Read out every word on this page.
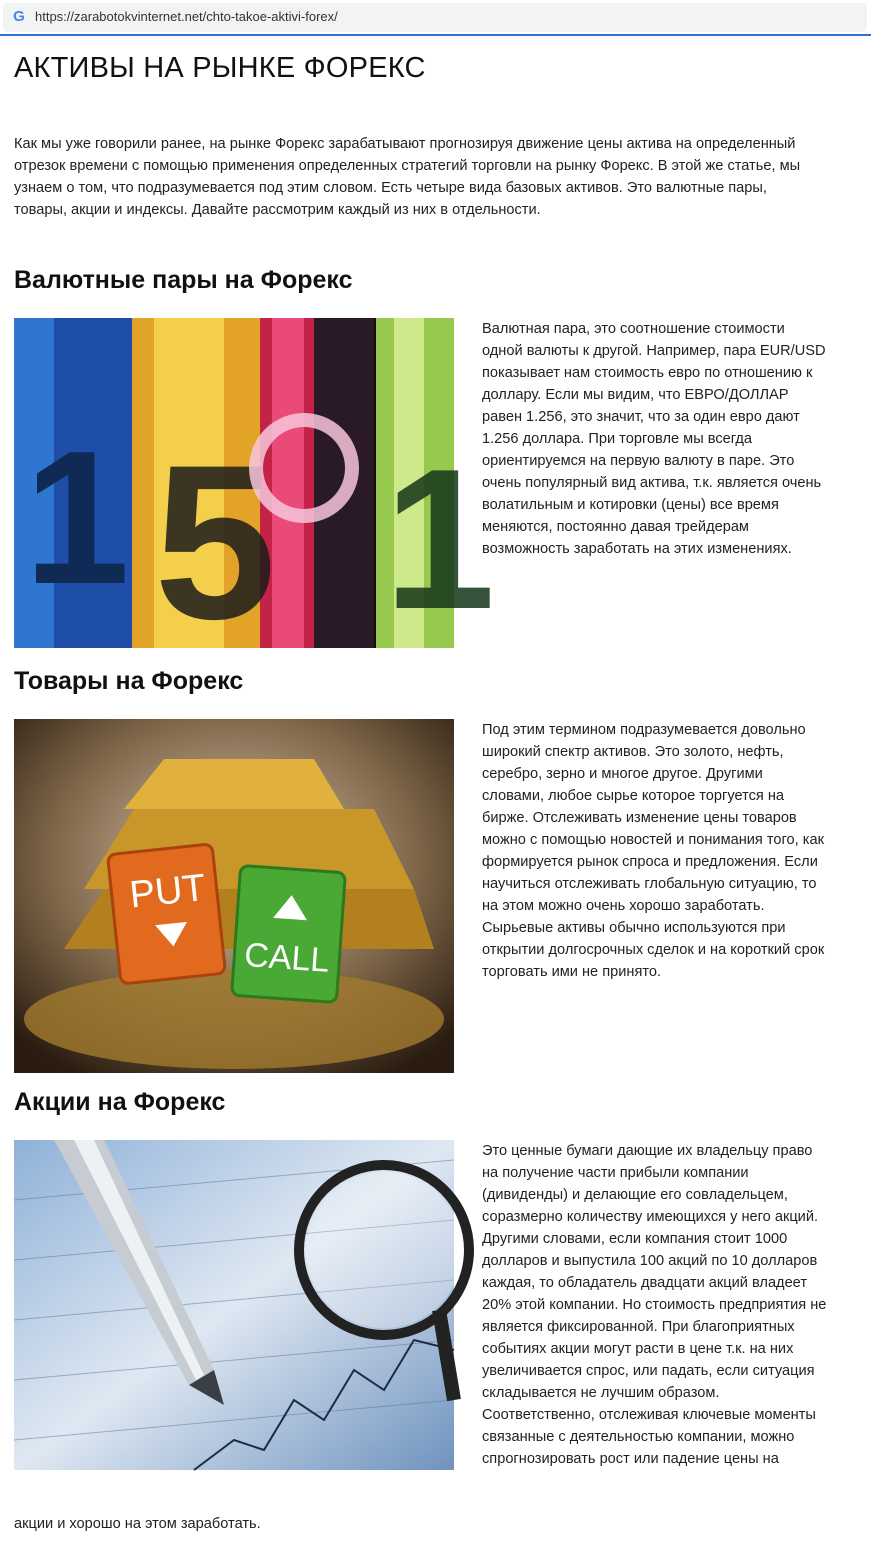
G https://zarabotokvinternet.net/chto-takoe-aktivi-forex/
АКТИВЫ НА РЫНКЕ ФОРЕКС

Как мы уже говорили ранее, на рынке Форекс зарабатывают прогнозируя движение цены актива на определенный отрезок времени с помощью применения определенных стратегий торговли на рынку Форекс. В этой же статье, мы узнаем о том, что подразумевается под этим словом. Есть четыре вида базовых активов. Это валютные пары, товары, акции и индексы. Давайте рассмотрим каждый из них в отдельности.

Валютные пары на Форекс
1 5 1

Валютная пара, это соотношение стоимости одной валюты к другой. Например, пара EUR/USD показывает нам стоимость евро по отношению к доллару. Если мы видим, что ЕВРО/ДОЛЛАР равен 1.256, это значит, что за один евро дают 1.256 доллара. При торговле мы всегда ориентируемся на первую валюту в паре. Это очень популярный вид актива, т.к. является очень волатильным и котировки (цены) все время меняются, постоянно давая трейдерам возможность заработать на этих изменениях.

Товары на Форекс
PUT
CALL

Под этим термином подразумевается довольно широкий спектр активов. Это золото, нефть, серебро, зерно и многое другое. Другими словами, любое сырье которое торгуется на бирже. Отслеживать изменение цены товаров можно с помощью новостей и понимания того, как формируется рынок спроса и предложения. Если научиться отслеживать глобальную ситуацию, то на этом можно очень хорошо заработать. Сырьевые активы обычно используются при открытии долгосрочных сделок и на короткий срок торговать ими не принято.

Акции на Форекс

Это ценные бумаги дающие их владельцу право на получение части прибыли компании (дивиденды) и делающие его совладельцем, соразмерно количеству имеющихся у него акций. Другими словами, если компания стоит 1000 долларов и выпустила 100 акций по 10 долларов каждая, то обладатель двадцати акций владеет 20% этой компании. Но стоимость предприятия не является фиксированной. При благоприятных событиях акции могут расти в цене т.к. на них увеличивается спрос, или падать, если ситуация складывается не лучшим образом. Соответственно, отслеживая ключевые моменты связанные с деятельностью компании, можно спрогнозировать рост или падение цены на

акции и хорошо на этом заработать.
